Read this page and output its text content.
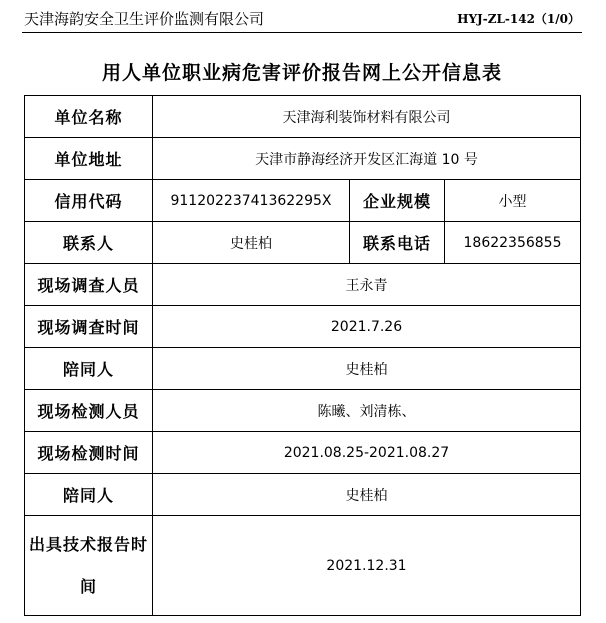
天津海韵安全卫生评价监测有限公司	HYJ-ZL-142（1/0）
用人单位职业病危害评价报告网上公开信息表
单位名称	天津海利装饰材料有限公司		
单位地址	天津市静海经济开发区汇海道 10 号		
信用代码	91120223741362295X	企业规模	小型
联系人	史桂柏	联系电话	18622356855
现场调查人员	王永青		
现场调查时间	2021.7.26		
陪同人	史桂柏		
现场检测人员	陈曦、刘清栋、		
现场检测时间	2021.08.25-2021.08.27		
陪同人	史桂柏		
出具技术报告时间	2021.12.31		
